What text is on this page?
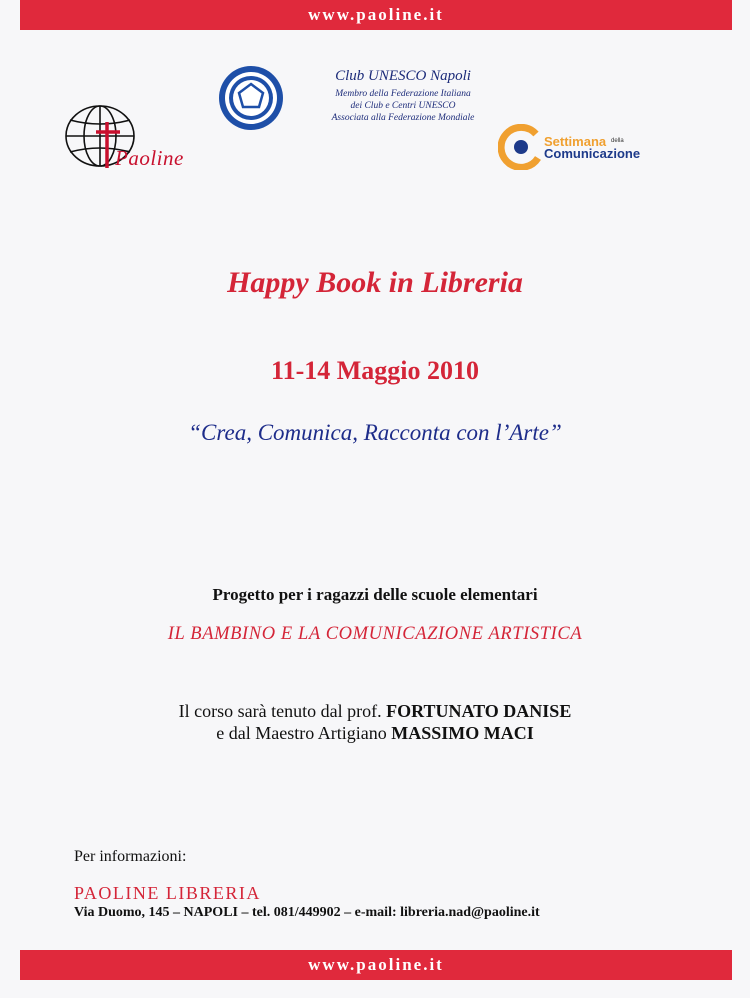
www.paoline.it
Paoline

Club UNESCO Napoli

Membro della Federazione Italiana

dei Club e Centri UNESCO

Associata alla Federazione Mondiale

Settimana della
Comunicazione
Happy Book in Libreria
11-14 Maggio 2010
“Crea, Comunica, Racconta con l’Arte”
Progetto per i ragazzi delle scuole elementari
IL BAMBINO E LA COMUNICAZIONE ARTISTICA
Il corso sarà tenuto dal prof. FORTUNATO DANISE
e dal Maestro Artigiano MASSIMO MACI
Per informazioni:
PAOLINE LIBRERIA
Via Duomo, 145 – NAPOLI – tel. 081/449902 – e-mail: libreria.nad@paoline.it
www.paoline.it
